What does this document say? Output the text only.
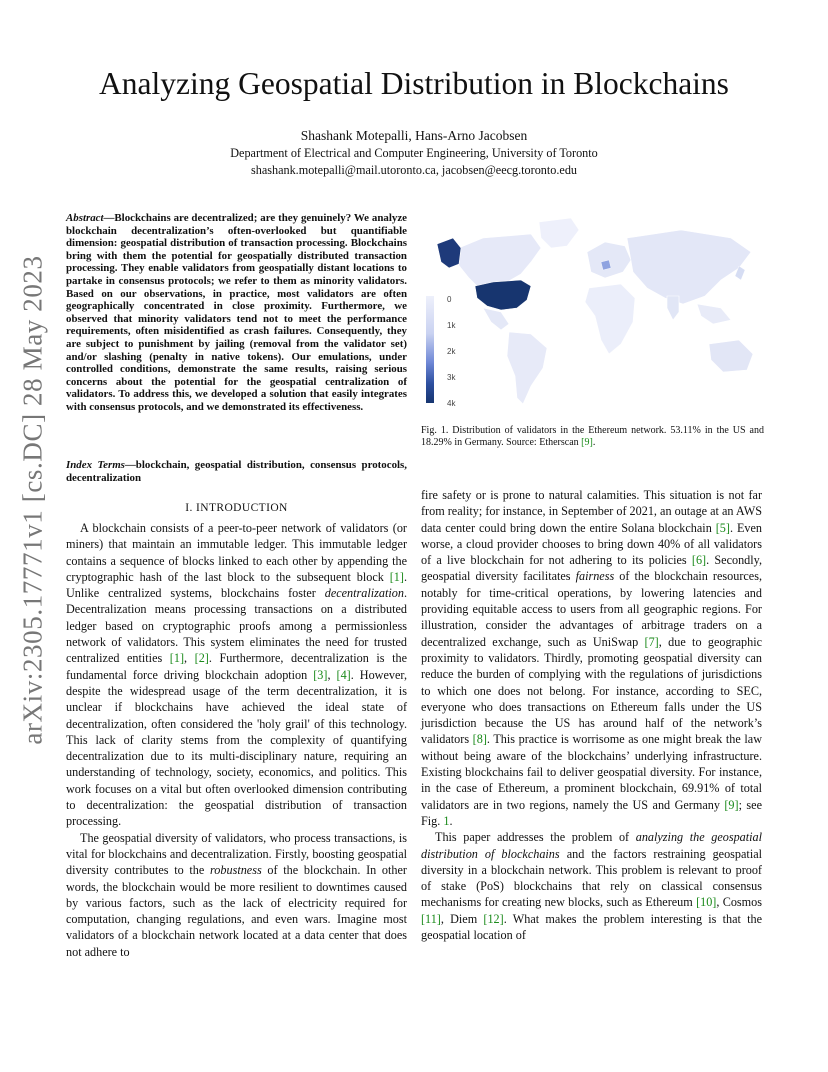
arXiv:2305.17771v1 [cs.DC] 28 May 2023
Analyzing Geospatial Distribution in Blockchains
Shashank Motepalli, Hans-Arno Jacobsen
Department of Electrical and Computer Engineering, University of Toronto
shashank.motepalli@mail.utoronto.ca, jacobsen@eecg.toronto.edu
Abstract—Blockchains are decentralized; are they genuinely? We analyze blockchain decentralization’s often-overlooked but quantifiable dimension: geospatial distribution of transaction processing. Blockchains bring with them the potential for geospatially distributed transaction processing. They enable validators from geospatially distant locations to partake in consensus protocols; we refer to them as minority validators. Based on our observations, in practice, most validators are often geographically concentrated in close proximity. Furthermore, we observed that minority validators tend not to meet the performance requirements, often misidentified as crash failures. Consequently, they are subject to punishment by jailing (removal from the validator set) and/or slashing (penalty in native tokens). Our emulations, under controlled conditions, demonstrate the same results, raising serious concerns about the potential for the geospatial centralization of validators. To address this, we developed a solution that easily integrates with consensus protocols, and we demonstrated its effectiveness.
Index Terms—blockchain, geospatial distribution, consensus protocols, decentralization
I. INTRODUCTION

A blockchain consists of a peer-to-peer network of validators (or miners) that maintain an immutable ledger. This immutable ledger contains a sequence of blocks linked to each other by appending the cryptographic hash of the last block to the subsequent block [1]. Unlike centralized systems, blockchains foster decentralization. Decentralization means processing transactions on a distributed ledger based on cryptographic proofs among a permissionless network of validators. This system eliminates the need for trusted centralized entities [1], [2]. Furthermore, decentralization is the fundamental force driving blockchain adoption [3], [4]. However, despite the widespread usage of the term decentralization, it is unclear if blockchains have achieved the ideal state of decentralization, often considered the 'holy grail' of this technology. This lack of clarity stems from the complexity of quantifying decentralization due to its multi-disciplinary nature, requiring an understanding of technology, society, economics, and politics. This work focuses on a vital but often overlooked dimension contributing to decentralization: the geospatial distribution of transaction processing.

The geospatial diversity of validators, who process transactions, is vital for blockchains and decentralization. Firstly, boosting geospatial diversity contributes to the robustness of the blockchain. In other words, the blockchain would be more resilient to downtimes caused by various factors, such as the lack of electricity required for computation, changing regulations, and even wars. Imagine most validators of a blockchain network located at a data center that does not adhere to

0
1k
2k
3k
4k
Fig. 1. Distribution of validators in the Ethereum network. 53.11% in the US and 18.29% in Germany. Source: Etherscan [9].

fire safety or is prone to natural calamities. This situation is not far from reality; for instance, in September of 2021, an outage at an AWS data center could bring down the entire Solana blockchain [5]. Even worse, a cloud provider chooses to bring down 40% of all validators of a live blockchain for not adhering to its policies [6]. Secondly, geospatial diversity facilitates fairness of the blockchain resources, notably for time-critical operations, by lowering latencies and providing equitable access to users from all geographic regions. For illustration, consider the advantages of arbitrage traders on a decentralized exchange, such as UniSwap [7], due to geographic proximity to validators. Thirdly, promoting geospatial diversity can reduce the burden of complying with the regulations of jurisdictions to which one does not belong. For instance, according to SEC, everyone who does transactions on Ethereum falls under the US jurisdiction because the US has around half of the network’s validators [8]. This practice is worrisome as one might break the law without being aware of the blockchains’ underlying infrastructure. Existing blockchains fail to deliver geospatial diversity. For instance, in the case of Ethereum, a prominent blockchain, 69.91% of total validators are in two regions, namely the US and Germany [9]; see Fig. 1.

This paper addresses the problem of analyzing the geospatial distribution of blockchains and the factors restraining geospatial diversity in a blockchain network. This problem is relevant to proof of stake (PoS) blockchains that rely on classical consensus mechanisms for creating new blocks, such as Ethereum [10], Cosmos [11], Diem [12]. What makes the problem interesting is that the geospatial location of
